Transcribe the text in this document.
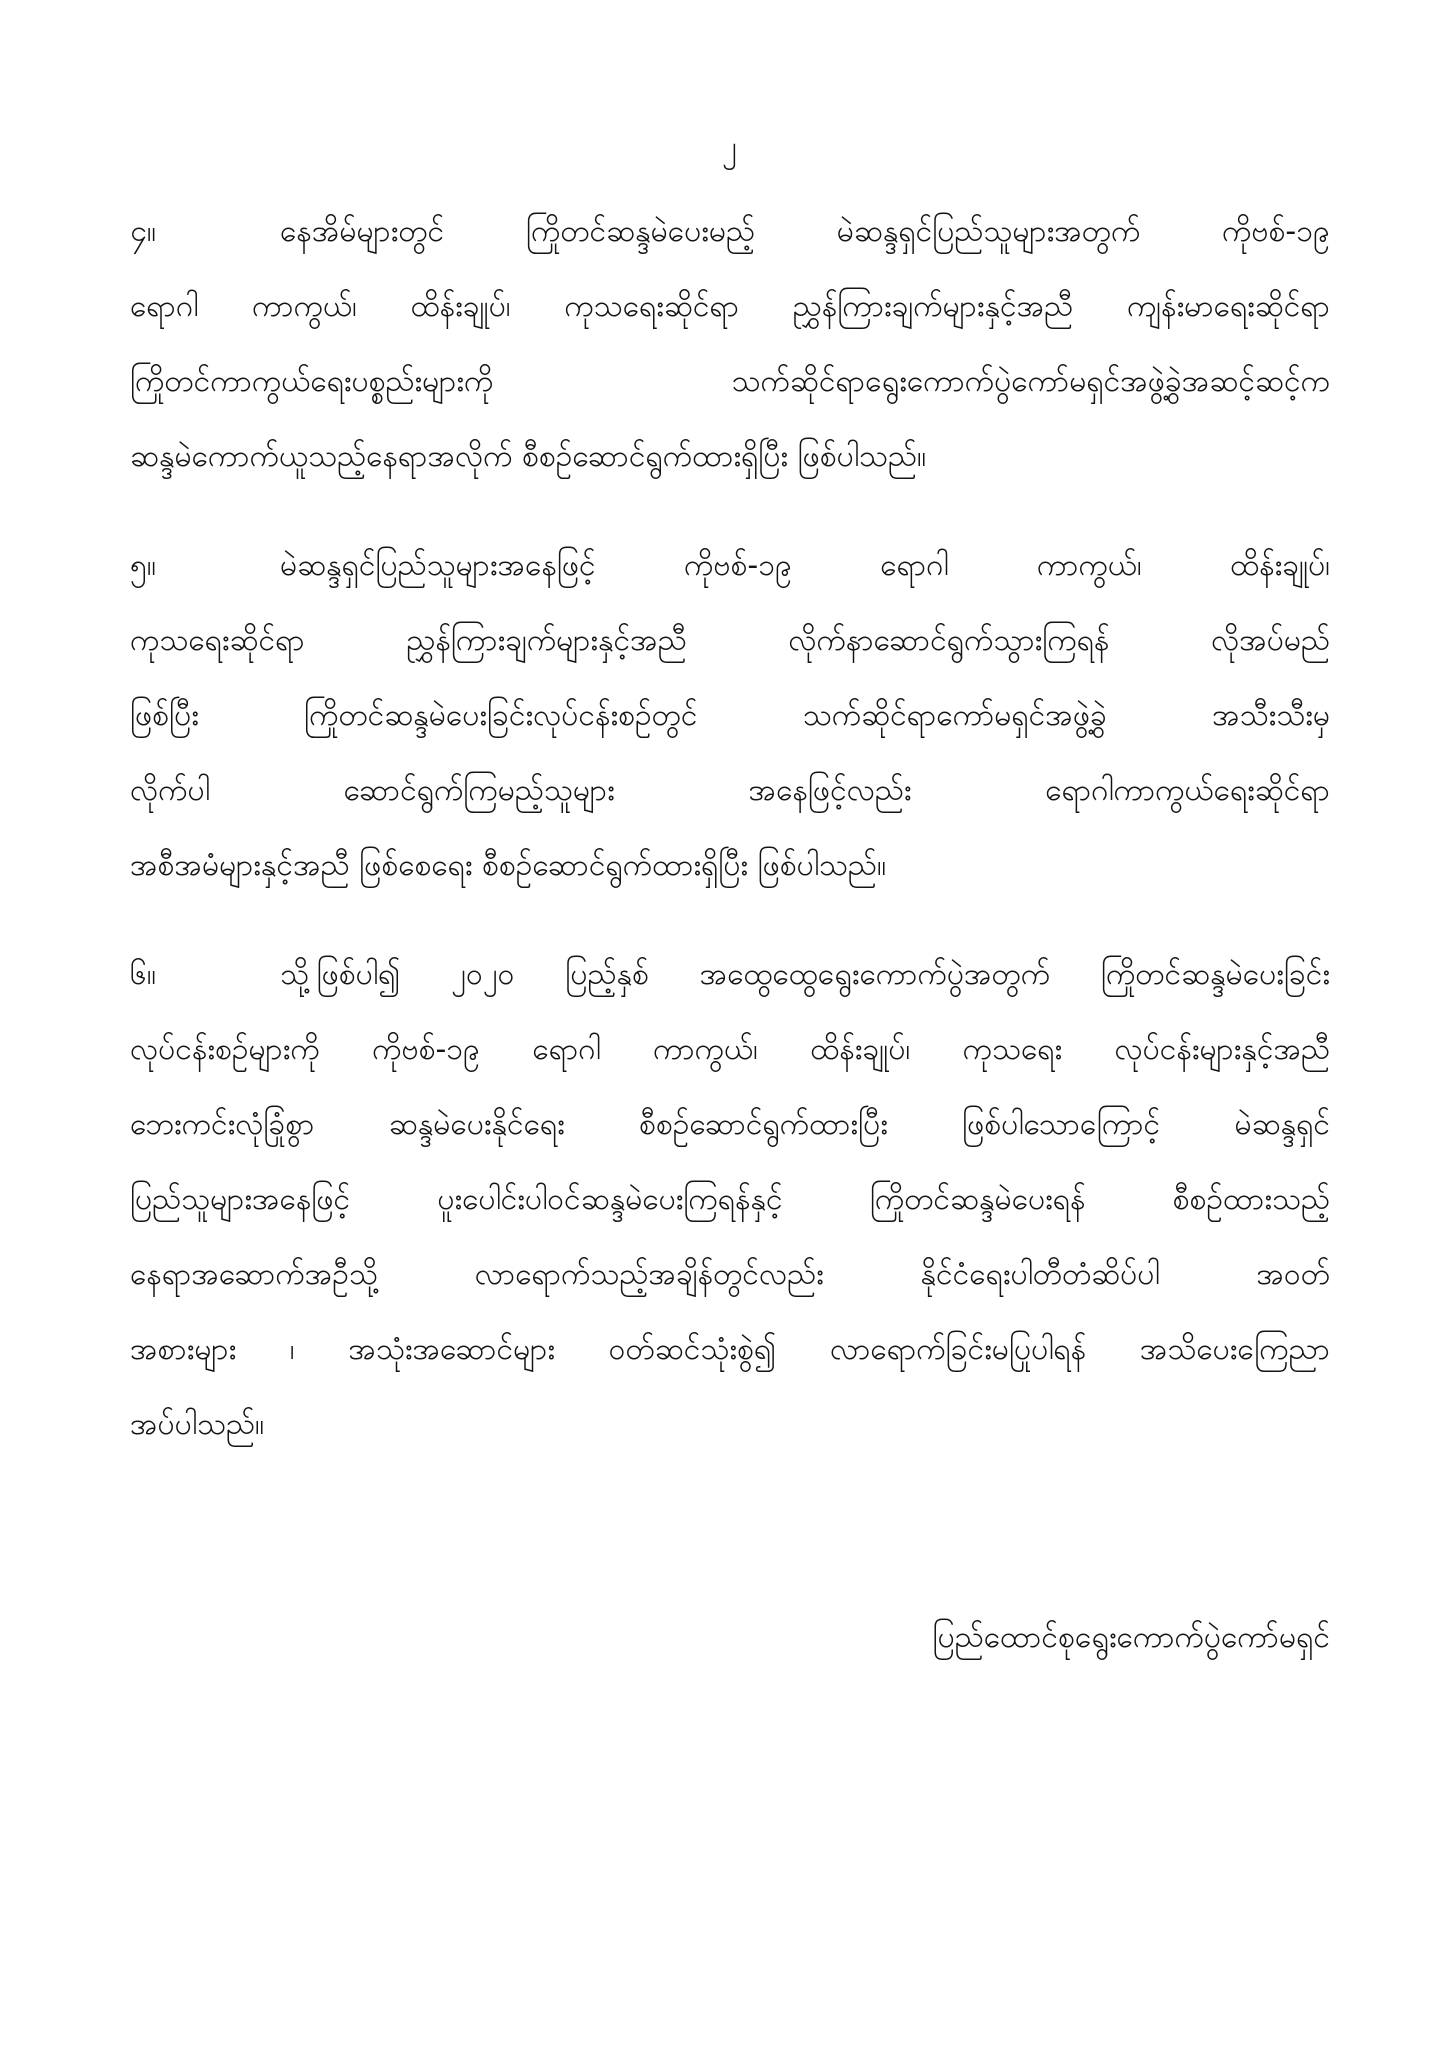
၂
၄။	နေအိမ်များတွင် ကြိုတင်ဆန္ဒမဲပေးမည့် မဲဆန္ဒရှင်ပြည်သူများအတွက် ကိုဗစ်-၁၉
ရောဂါ ကာကွယ်၊ ထိန်းချုပ်၊ ကုသရေးဆိုင်ရာ ညွှန်ကြားချက်များနှင့်အညီ ကျန်းမာရေးဆိုင်ရာ
ကြိုတင်ကာကွယ်ရေးပစ္စည်းများကို သက်ဆိုင်ရာရွေးကောက်ပွဲကော်မရှင်အဖွဲ့ခွဲအဆင့်ဆင့်က
ဆန္ဒမဲကောက်ယူသည့်နေရာအလိုက် စီစဉ်ဆောင်ရွက်ထားရှိပြီး ဖြစ်ပါသည်။
၅။	မဲဆန္ဒရှင်ပြည်သူများအနေဖြင့် ကိုဗစ်-၁၉ ရောဂါ ကာကွယ်၊ ထိန်းချုပ်၊
ကုသရေးဆိုင်ရာ ညွှန်ကြားချက်များနှင့်အညီ လိုက်နာဆောင်ရွက်သွားကြရန် လိုအပ်မည်
ဖြစ်ပြီး ကြိုတင်ဆန္ဒမဲပေးခြင်းလုပ်ငန်းစဉ်တွင် သက်ဆိုင်ရာကော်မရှင်အဖွဲ့ခွဲ အသီးသီးမှ
လိုက်ပါ ဆောင်ရွက်ကြမည့်သူများ အနေဖြင့်လည်း ရောဂါကာကွယ်ရေးဆိုင်ရာ
အစီအမံများနှင့်အညီ ဖြစ်စေရေး စီစဉ်ဆောင်ရွက်ထားရှိပြီး ဖြစ်ပါသည်။
၆။	သို့ဖြစ်ပါ၍ ၂၀၂၀ ပြည့်နှစ် အထွေထွေရွေးကောက်ပွဲအတွက် ကြိုတင်ဆန္ဒမဲပေးခြင်း
လုပ်ငန်းစဉ်များကို ကိုဗစ်-၁၉ ရောဂါ ကာကွယ်၊ ထိန်းချုပ်၊ ကုသရေး လုပ်ငန်းများနှင့်အညီ
ဘေးကင်းလုံခြုံစွာ ဆန္ဒမဲပေးနိုင်ရေး စီစဉ်ဆောင်ရွက်ထားပြီး ဖြစ်ပါသောကြောင့် မဲဆန္ဒရှင်
ပြည်သူများအနေဖြင့် ပူးပေါင်းပါဝင်ဆန္ဒမဲပေးကြရန်နှင့် ကြိုတင်ဆန္ဒမဲပေးရန် စီစဉ်ထားသည့်
နေရာအဆောက်အဦသို့ လာရောက်သည့်အချိန်တွင်လည်း နိုင်ငံရေးပါတီတံဆိပ်ပါ အဝတ်
အစားများ ၊ အသုံးအဆောင်များ ဝတ်ဆင်သုံးစွဲ၍ လာရောက်ခြင်းမပြုပါရန် အသိပေးကြေညာ
အပ်ပါသည်။
ပြည်ထောင်စုရွေးကောက်ပွဲကော်မရှင်
